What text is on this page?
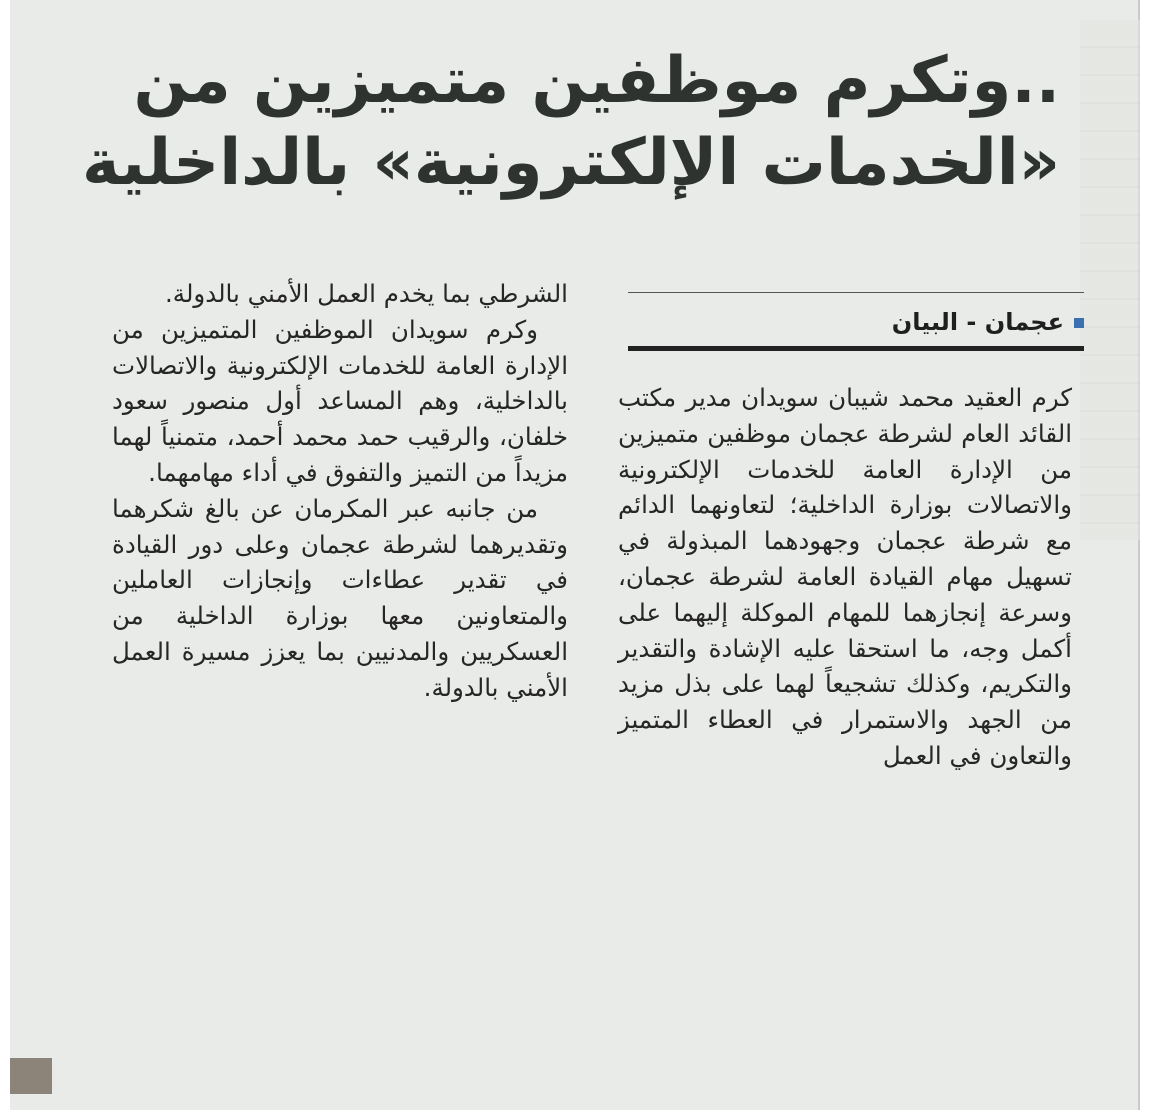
..وتكرم موظفين متميزين من
«الخدمات الإلكترونية» بالداخلية
عجمان - البيان

كرم العقيد محمد شيبان سويدان مدير مكتب القائد العام لشرطة عجمان موظفين متميزين من الإدارة العامة للخدمات الإلكترونية والاتصالات بوزارة الداخلية؛ لتعاونهما الدائم مع شرطة عجمان وجهودهما المبذولة في تسهيل مهام القيادة العامة لشرطة عجمان، وسرعة إنجازهما للمهام الموكلة إليهما على أكمل وجه، ما استحقا عليه الإشادة والتقدير والتكريم، وكذلك تشجيعاً لهما على بذل مزيد من الجهد والاستمرار في العطاء المتميز والتعاون في العمل

الشرطي بما يخدم العمل الأمني بالدولة.

وكرم سويدان الموظفين المتميزين من الإدارة العامة للخدمات الإلكترونية والاتصالات بالداخلية، وهم المساعد أول منصور سعود خلفان، والرقيب حمد محمد أحمد، متمنياً لهما مزيداً من التميز والتفوق في أداء مهامهما.

من جانبه عبر المكرمان عن بالغ شكرهما وتقديرهما لشرطة عجمان وعلى دور القيادة في تقدير عطاءات وإنجازات العاملين والمتعاونين معها بوزارة الداخلية من العسكريين والمدنيين بما يعزز مسيرة العمل الأمني بالدولة.
